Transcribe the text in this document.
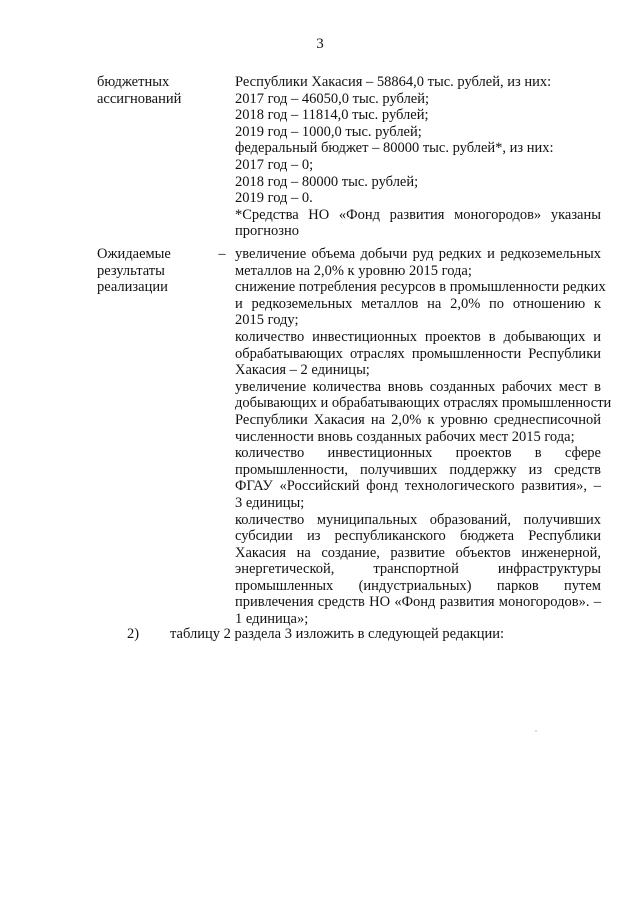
3
бюджетных
ассигнований
Республики Хакасия – 58864,0 тыс. рублей, из них:
2017 год – 46050,0 тыс. рублей;
2018 год – 11814,0 тыс. рублей;
2019 год – 1000,0 тыс. рублей;
федеральный бюджет – 80000 тыс. рублей*, из них:
2017 год – 0;
2018 год – 80000 тыс. рублей;
2019 год – 0.
*Средства НО «Фонд развития моногородов» указаны
прогнозно
Ожидаемые
результаты
реализации
– увеличение объема добычи руд редких и редкоземельных
металлов на 2,0% к уровню 2015 года;
снижение потребления ресурсов в промышленности редких
и редкоземельных металлов на 2,0% по отношению к
2015 году;
количество инвестиционных проектов в добывающих и
обрабатывающих отраслях промышленности Республики
Хакасия – 2 единицы;
увеличение количества вновь созданных рабочих мест в
добывающих и обрабатывающих отраслях промышленности
Республики Хакасия на 2,0% к уровню среднесписочной
численности вновь созданных рабочих мест 2015 года;
количество инвестиционных проектов в сфере
промышленности, получивших поддержку из средств
ФГАУ «Российский фонд технологического развития», –
3 единицы;
количество муниципальных образований, получивших
субсидии из республиканского бюджета Республики
Хакасия на создание, развитие объектов инженерной,
энергетической, транспортной инфраструктуры
промышленных (индустриальных) парков путем
привлечения средств НО «Фонд развития моногородов». –
1 единица»;
2) таблицу 2 раздела 3 изложить в следующей редакции:
